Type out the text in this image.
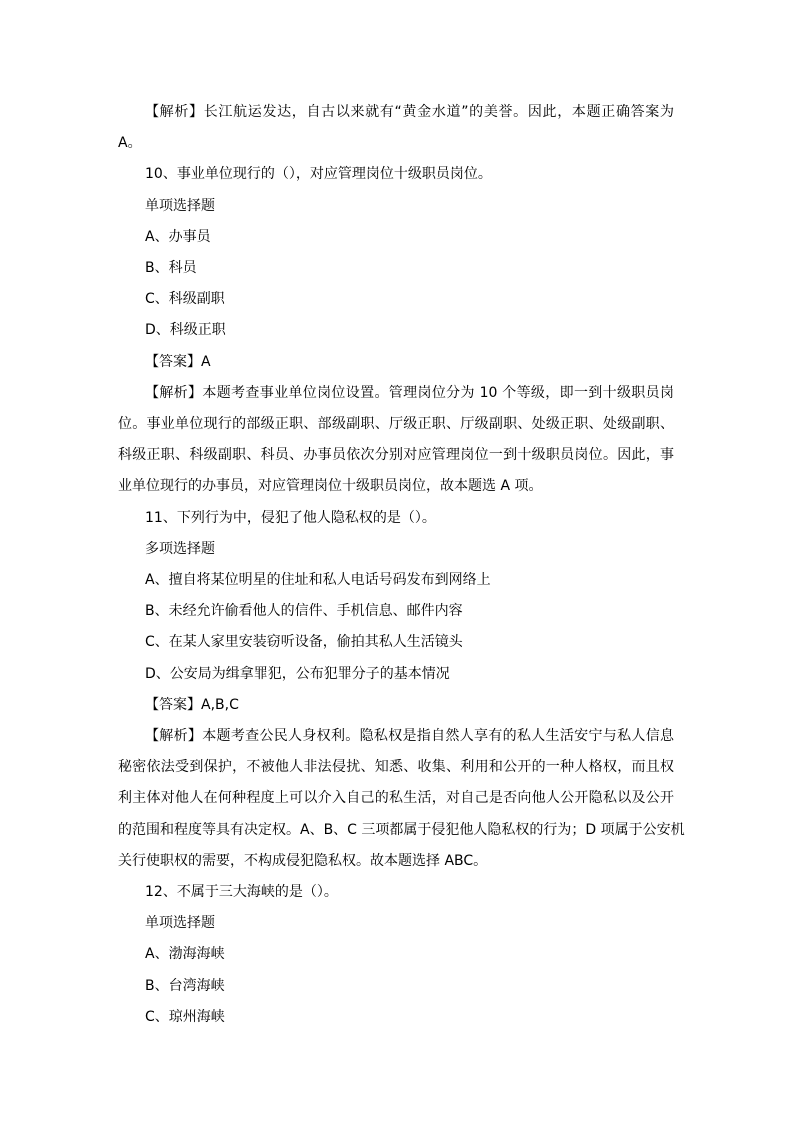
【解析】长江航运发达，自古以来就有“黄金水道”的美誉。因此，本题正确答案为
A。
10、事业单位现行的（），对应管理岗位十级职员岗位。
单项选择题
A、办事员
B、科员
C、科级副职
D、科级正职
【答案】A
【解析】本题考查事业单位岗位设置。管理岗位分为 10 个等级，即一到十级职员岗
位。事业单位现行的部级正职、部级副职、厅级正职、厅级副职、处级正职、处级副职、
科级正职、科级副职、科员、办事员依次分别对应管理岗位一到十级职员岗位。因此，事
业单位现行的办事员，对应管理岗位十级职员岗位，故本题选 A 项。
11、下列行为中，侵犯了他人隐私权的是（）。
多项选择题
A、擅自将某位明星的住址和私人电话号码发布到网络上
B、未经允许偷看他人的信件、手机信息、邮件内容
C、在某人家里安装窃听设备，偷拍其私人生活镜头
D、公安局为缉拿罪犯，公布犯罪分子的基本情况
【答案】A,B,C
【解析】本题考查公民人身权利。隐私权是指自然人享有的私人生活安宁与私人信息
秘密依法受到保护，不被他人非法侵扰、知悉、收集、利用和公开的一种人格权，而且权
利主体对他人在何种程度上可以介入自己的私生活，对自己是否向他人公开隐私以及公开
的范围和程度等具有决定权。A、B、C 三项都属于侵犯他人隐私权的行为；D 项属于公安机
关行使职权的需要，不构成侵犯隐私权。故本题选择 ABC。
12、不属于三大海峡的是（）。
单项选择题
A、渤海海峡
B、台湾海峡
C、琼州海峡
